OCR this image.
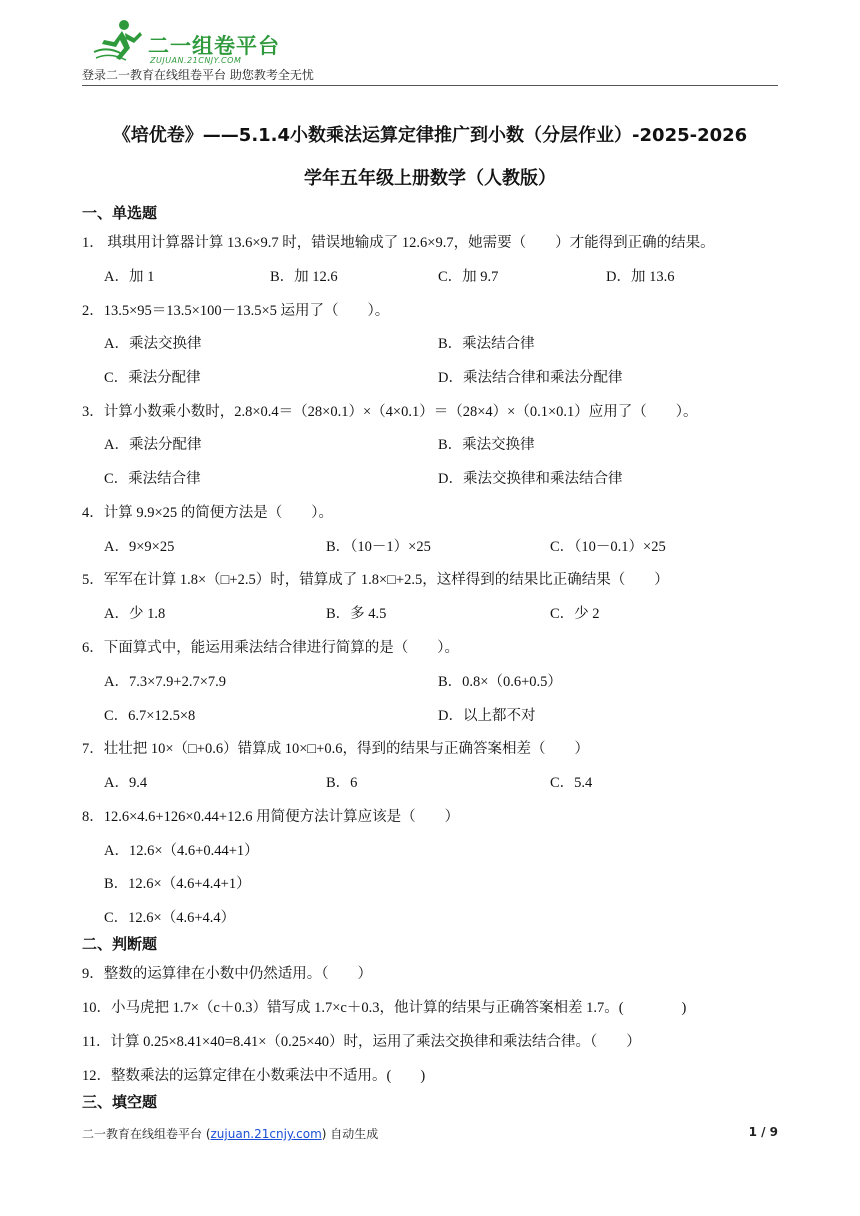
二一组卷平台
ZUJUAN.21CNJY.COM
登录二一教育在线组卷平台 助您教考全无忧
《培优卷》——5.1.4小数乘法运算定律推广到小数（分层作业）-2025-2026
学年五年级上册数学（人教版）
一、单选题
1． 琪琪用计算器计算 13.6×9.7 时，错误地输成了 12.6×9.7，她需要（　　）才能得到正确的结果。
A．加 1	B．加 12.6	C．加 9.7	D．加 13.6
2．13.5×95＝13.5×100－13.5×5 运用了（　　）。
A．乘法交换律	B．乘法结合律
C．乘法分配律	D．乘法结合律和乘法分配律
3．计算小数乘小数时，2.8×0.4＝（28×0.1）×（4×0.1）＝（28×4）×（0.1×0.1）应用了（　　）。
A．乘法分配律	B．乘法交换律
C．乘法结合律	D．乘法交换律和乘法结合律
4．计算 9.9×25 的简便方法是（　　）。
A．9×9×25	B．（10－1）×25	C．（10－0.1）×25
5．军军在计算 1.8×（□+2.5）时，错算成了 1.8×□+2.5，这样得到的结果比正确结果（　　）
A．少 1.8	B．多 4.5	C．少 2
6．下面算式中，能运用乘法结合律进行简算的是（　　）。
A．7.3×7.9+2.7×7.9	B．0.8×（0.6+0.5）
C．6.7×12.5×8	D．以上都不对
7．壮壮把 10×（□+0.6）错算成 10×□+0.6，得到的结果与正确答案相差（　　）
A．9.4	B．6	C．5.4
8．12.6×4.6+126×0.44+12.6 用简便方法计算应该是（　　）
A．12.6×（4.6+0.44+1）
B．12.6×（4.6+4.4+1）
C．12.6×（4.6+4.4）
二、判断题
9．整数的运算律在小数中仍然适用。（　　）
10．小马虎把 1.7×（c＋0.3）错写成 1.7×c＋0.3，他计算的结果与正确答案相差 1.7。(　　　　)
11．计算 0.25×8.41×40=8.41×（0.25×40）时，运用了乘法交换律和乘法结合律。（　　）
12．整数乘法的运算定律在小数乘法中不适用。(　　)
三、填空题
二一教育在线组卷平台 (zujuan.21cnjy.com) 自动生成	1 / 9
